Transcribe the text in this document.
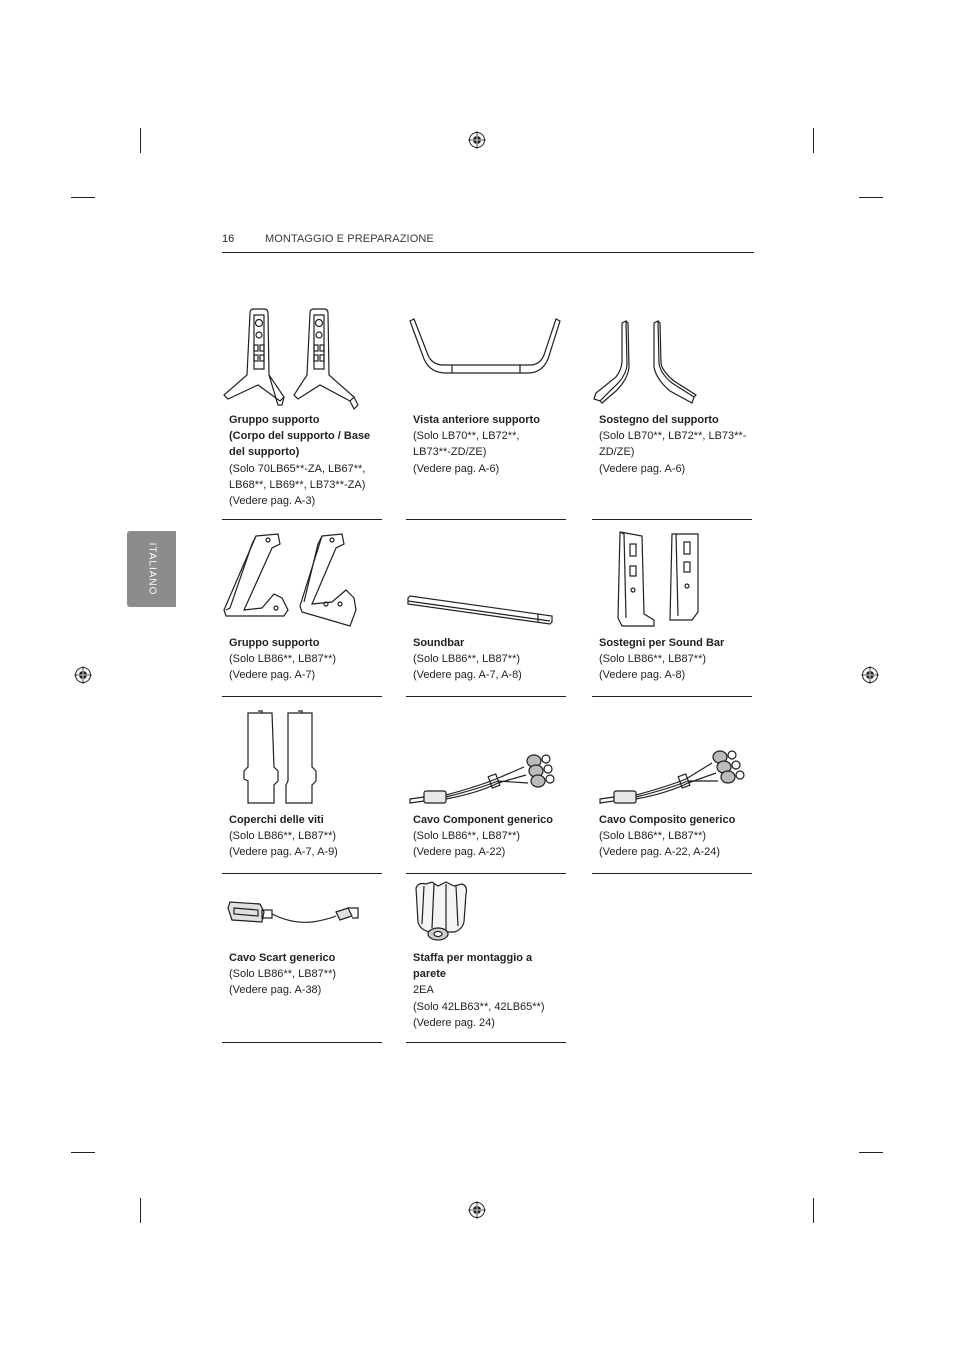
16	MONTAGGIO E PREPARAZIONE
ITALIANO
Gruppo supporto
(Corpo del supporto / Base
del supporto)
(Solo 70LB65**-ZA, LB67**,
LB68**, LB69**, LB73**-ZA)
(Vedere pag. A-3)
Vista anteriore supporto
(Solo LB70**, LB72**,
LB73**-ZD/ZE)
(Vedere pag. A-6)
Sostegno del supporto
(Solo LB70**, LB72**, LB73**-
ZD/ZE)
(Vedere pag. A-6)
Gruppo supporto
(Solo LB86**, LB87**)
(Vedere pag. A-7)
Soundbar
(Solo LB86**, LB87**)
(Vedere pag. A-7, A-8)
Sostegni per Sound Bar
(Solo LB86**, LB87**)
(Vedere pag. A-8)
Coperchi delle viti
(Solo LB86**, LB87**)
(Vedere pag. A-7, A-9)
Cavo Component generico
(Solo LB86**, LB87**)
(Vedere pag. A-22)
Cavo Composito generico
(Solo LB86**, LB87**)
(Vedere pag. A-22, A-24)
Cavo Scart generico
(Solo LB86**, LB87**)
(Vedere pag. A-38)
Staffa per montaggio a
parete
2EA
(Solo 42LB63**, 42LB65**)
(Vedere pag. 24)
